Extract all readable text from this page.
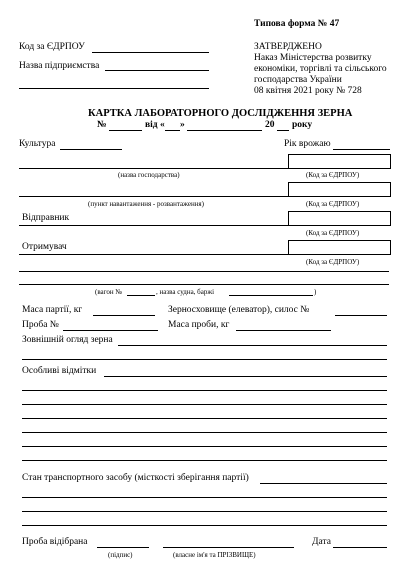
Типова форма № 47
Код за ЄДРПОУ
Назва підприємства
ЗАТВЕРДЖЕНО
Наказ Міністерства розвитку
економіки, торгівлі та сільського
господарства України
08 квітня 2021 року № 728
КАРТКА ЛАБОРАТОРНОГО ДОСЛІДЖЕННЯ ЗЕРНА
№	від « »	20 року
Культура	Рік врожаю
(назва господарства)	(Код за ЄДРПОУ)
(пункт навантаження - розвантаження)	(Код за ЄДРПОУ)
Відправник
(Код за ЄДРПОУ)
Отримувач
(Код за ЄДРПОУ)
(вагон №	, назва судна, баржі	)
Маса партії, кг	Зерносховище (елеватор), силос №
Проба №	Маса проби, кг
Зовнішній огляд зерна
Особливі відмітки
Стан транспортного засобу (місткості зберігання партії)
Проба відібрана	Дата
(підпис)	(власне ім'я та ПРІЗВИЩЕ)
